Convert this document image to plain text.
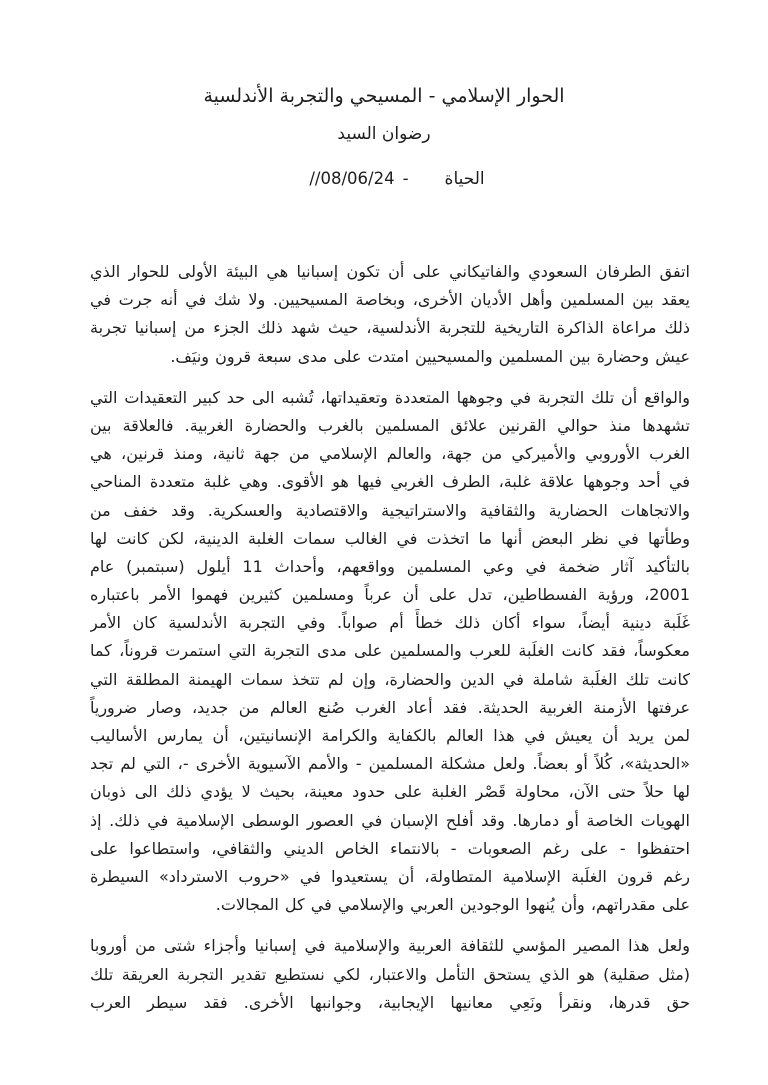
الحوار الإسلامي - المسيحي والتجربة الأندلسية
رضوان السيد
//08/06/24 - الحياة
اتفق الطرفان السعودي والفاتيكاني على أن تكون إسبانيا هي البيئة الأولى للحوار الذي
يعقد بين المسلمين وأهل الأديان الأخرى، وبخاصة المسيحيين. ولا شك في أنه جرت في
ذلك مراعاة الذاكرة التاريخية للتجربة الأندلسية، حيث شهد ذلك الجزء من إسبانيا تجربة
عيش وحضارة بين المسلمين والمسيحيين امتدت على مدى سبعة قرون ونيَف.
والواقع أن تلك التجربة في وجوهها المتعددة وتعقيداتها، تُشبه الى حد كبير التعقيدات التي
تشهدها منذ حوالي القرنين علائق المسلمين بالغرب والحضارة الغربية. فالعلاقة بين
الغرب الأوروبي والأميركي من جهة، والعالم الإسلامي من جهة ثانية، ومنذ قرنين، هي
في أحد وجوهها علاقة غلبة، الطرف الغربي فيها هو الأقوى. وهي غلبة متعددة المناحي
والاتجاهات الحضارية والثقافية والاستراتيجية والاقتصادية والعسكرية. وقد خفف من
وطأتها في نظر البعض أنها ما اتخذت في الغالب سمات الغلبة الدينية، لكن كانت لها
بالتأكيد آثار ضخمة في وعي المسلمين وواقعهم، وأحداث 11 أيلول (سبتمبر) عام
2001، ورؤية الفسطاطين، تدل على أن عرباً ومسلمين كثيرين فهموا الأمر باعتباره
غَلَبة دينية أيضاً، سواء أكان ذلك خطأً أم صواباً. وفي التجربة الأندلسية كان الأمر
معكوساً، فقد كانت الغلَبة للعرب والمسلمين على مدى التجربة التي استمرت قروناً، كما
كانت تلك الغلَبة شاملة في الدين والحضارة، وإن لم تتخذ سمات الهيمنة المطلقة التي
عرفتها الأزمنة الغربية الحديثة. فقد أعاد الغرب صُنع العالم من جديد، وصار ضرورياً
لمن يريد أن يعيش في هذا العالم بالكفاية والكرامة الإنسانيتين، أن يمارس الأساليب
«الحديثة»، كُلاً أو بعضاً. ولعل مشكلة المسلمين - والأمم الآسيوية الأخرى -، التي لم تجد
لها حلاً حتى الآن، محاولة قَصْر الغلبة على حدود معينة، بحيث لا يؤدي ذلك الى ذوبان
الهويات الخاصة أو دمارها. وقد أفلح الإسبان في العصور الوسطى الإسلامية في ذلك. إذ
احتفظوا - على رغم الصعوبات - بالانتماء الخاص الديني والثقافي، واستطاعوا على
رغم قرون الغلَبة الإسلامية المتطاولة، أن يستعيدوا في «حروب الاسترداد» السيطرة
على مقدراتهم، وأن يُنهوا الوجودين العربي والإسلامي في كل المجالات.
ولعل هذا المصير المؤسي للثقافة العربية والإسلامية في إسبانيا وأجزاء شتى من أوروبا
(مثل صقلية) هو الذي يستحق التأمل والاعتبار، لكي نستطيع تقدير التجربة العريقة تلك
حق قدرها، ونقرأ ونَعِي معانيها الإيجابية، وجوانبها الأخرى. فقد سيطر العرب
